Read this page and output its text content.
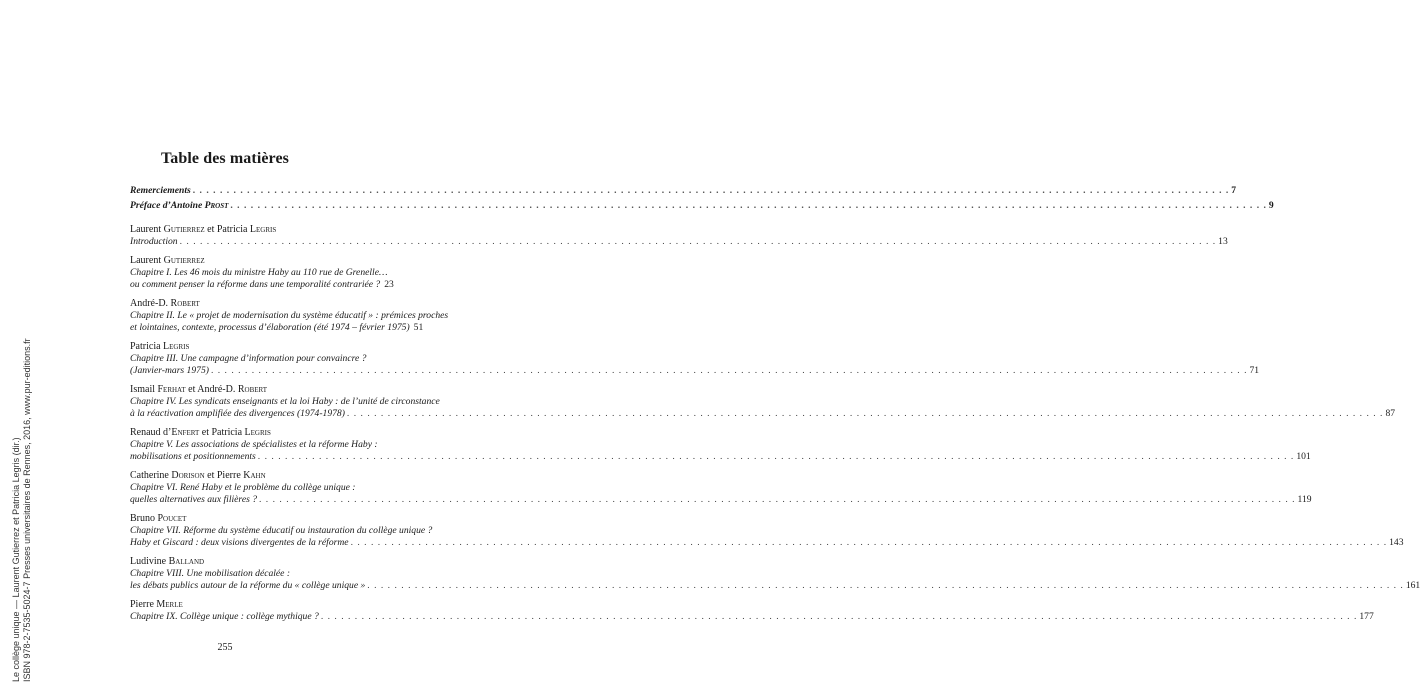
Table des matières
Remerciements . . .	7
Préface d’Antoine Prost . . .	9
Laurent Gutierrez et Patricia Legris
Introduction . . .	13
Laurent Gutierrez
Chapitre I. Les 46 mois du ministre Haby au 110 rue de Grenelle…
ou comment penser la réforme dans une temporalité contrariée ? 23
André-D. Robert
Chapitre II. Le « projet de modernisation du système éducatif » : prémices proches
et lointaines, contexte, processus d’élaboration (été 1974 – février 1975) 51
Patricia Legris
Chapitre III. Une campagne d’information pour convaincre ?
(Janvier-mars 1975) . . .	71
Ismail Ferhat et André-D. Robert
Chapitre IV. Les syndicats enseignants et la loi Haby : de l’unité de circonstance
à la réactivation amplifiée des divergences (1974-1978) . . .	87
Renaud d’Enfert et Patricia Legris
Chapitre V. Les associations de spécialistes et la réforme Haby :
mobilisations et positionnements . . .	101
Catherine Dorison et Pierre Kahn
Chapitre VI. René Haby et le problème du collège unique :
quelles alternatives aux filières ? . . .	119
Bruno Poucet
Chapitre VII. Réforme du système éducatif ou instauration du collège unique ?
Haby et Giscard : deux visions divergentes de la réforme . . .	143
Ludivine Balland
Chapitre VIII. Une mobilisation décalée :
les débats publics autour de la réforme du « collège unique » . . .	161
Pierre Merle
Chapitre IX. Collège unique : collège mythique ? . . .	177
255
Le collège unique — Laurent Gutierrez et Patricia Legris (dir.) ISBN 978-2-7535-5024-7 Presses universitaires de Rennes, 2016, www.pur-editions.fr
